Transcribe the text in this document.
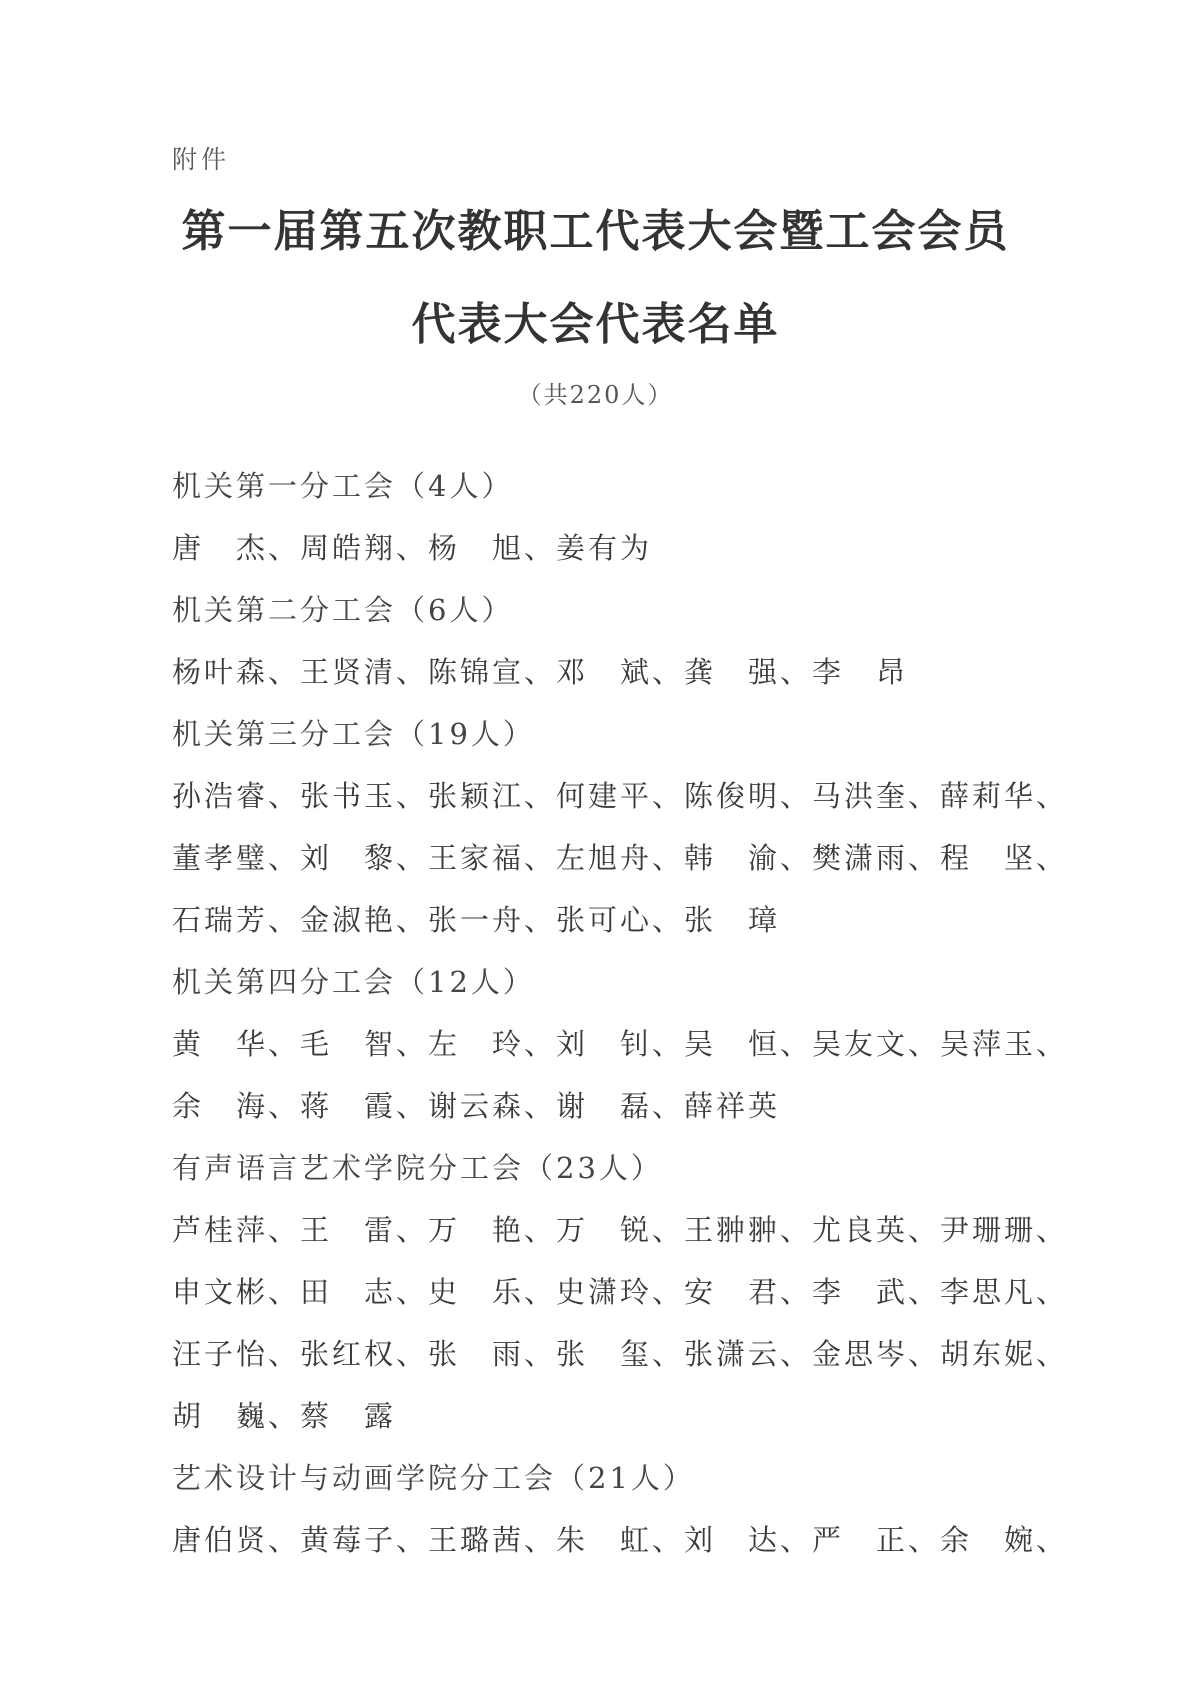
附件
第一届第五次教职工代表大会暨工会会员
代表大会代表名单
（共220人）
机关第一分工会（4人）
唐　杰、周皓翔、杨　旭、姜有为
机关第二分工会（6人）
杨叶森、王贤清、陈锦宣、邓　斌、龚　强、李　昂
机关第三分工会（19人）
孙浩睿、张书玉、张颖江、何建平、陈俊明、马洪奎、薛莉华、
董孝璧、刘　黎、王家福、左旭舟、韩　渝、樊潇雨、程　坚、
石瑞芳、金淑艳、张一舟、张可心、张　璋
机关第四分工会（12人）
黄　华、毛　智、左　玲、刘　钊、吴　恒、吴友文、吴萍玉、
余　海、蒋　霞、谢云森、谢　磊、薛祥英
有声语言艺术学院分工会（23人）
芦桂萍、王　雷、万　艳、万　锐、王翀翀、尤良英、尹珊珊、
申文彬、田　志、史　乐、史潇玲、安　君、李　武、李思凡、
汪子怡、张红权、张　雨、张　玺、张潇云、金思岑、胡东妮、
胡　巍、蔡　露
艺术设计与动画学院分工会（21人）
唐伯贤、黄莓子、王璐茜、朱　虹、刘　达、严　正、余　婉、
